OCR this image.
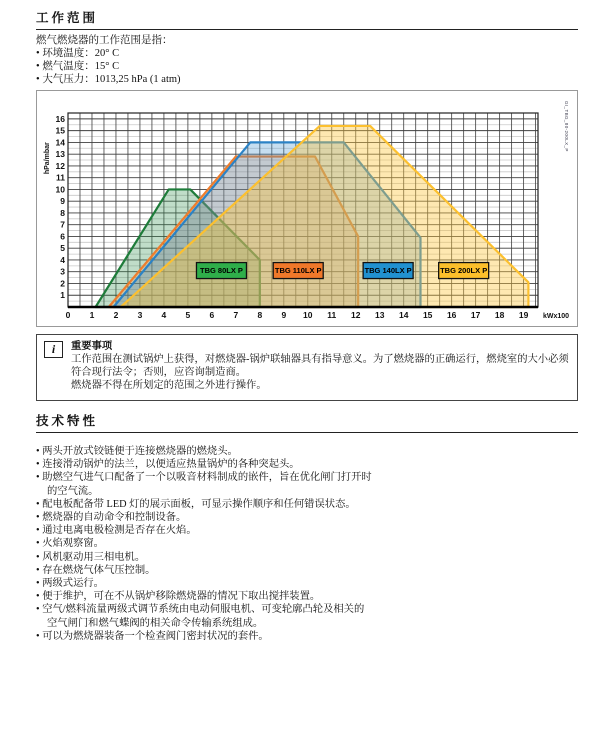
工作范围
燃气燃烧器的工作范围是指：
• 环境温度：20° C
• 燃气温度：15° C
• 大气压力：1013,25 hPa (1 atm)
TBG 80LX P	TBG 110LX P	TBG 140LX P	TBG 200LX P
0 1 2 3 4 5 6 7 8 9 10 11 12 13 14 15 16 17 18 19
1
2
3
4
5
6
7
8
9
10
11
12
13
14
15
16
kWx100
hPa/mbar
GI_TBG_80-200LX_P
i	重要事项
工作范围在测试锅炉上获得，对燃烧器-锅炉联轴器具有指导意义。为了燃烧器的正确运行，燃烧室的大小必须符合现行法令；否则，应咨询制造商。
燃烧器不得在所划定的范围之外进行操作。
技术特性
• 两头开放式铰链便于连接燃烧器的燃烧头。
• 连接滑动锅炉的法兰，以便适应热量锅炉的各种突起头。
• 助燃空气进气口配备了一个以吸音材料制成的嵌件，旨在优化闸门打开时的空气流。
• 配电板配备带 LED 灯的展示面板，可显示操作顺序和任何错误状态。
• 燃烧器的自动命令和控制设备。
• 通过电离电极检测是否存在火焰。
• 火焰观察窗。
• 风机驱动用三相电机。
• 存在燃烧气体气压控制。
• 两级式运行。
• 便于维护，可在不从锅炉移除燃烧器的情况下取出搅拌装置。
• 空气/燃料流量两级式调节系统由电动伺服电机、可变轮廓凸轮及相关的空气闸门和燃气蝶阀的相关命令传输系统组成。
• 可以为燃烧器装备一个检查阀门密封状况的套件。
